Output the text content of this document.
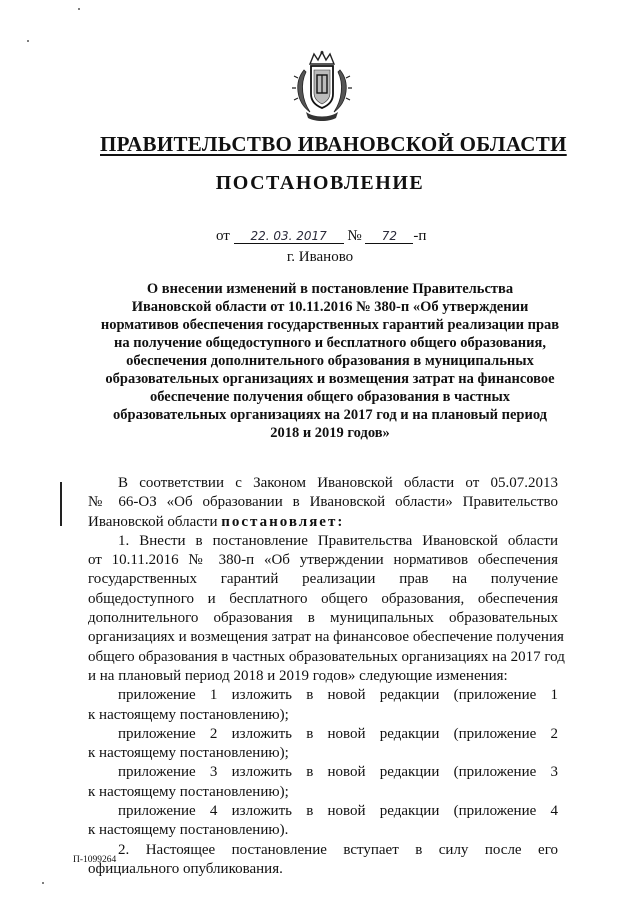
ПРАВИТЕЛЬСТВО ИВАНОВСКОЙ ОБЛАСТИ
ПОСТАНОВЛЕНИЕ
от 22. 03. 2017 № 72 -п
г. Иваново
О внесении изменений в постановление Правительства
Ивановской области от 10.11.2016 № 380-п «Об утверждении
нормативов обеспечения государственных гарантий реализации прав
на получение общедоступного и бесплатного общего образования,
обеспечения дополнительного образования в муниципальных
образовательных организациях и возмещения затрат на финансовое
обеспечение получения общего образования в частных
образовательных организациях на 2017 год и на плановый период
2018 и 2019 годов»
В соответствии с Законом Ивановской области от 05.07.2013
№ 66-ОЗ «Об образовании в Ивановской области» Правительство
Ивановской области постановляет:
1. Внести в постановление Правительства Ивановской области
от 10.11.2016 № 380-п «Об утверждении нормативов обеспечения
государственных гарантий реализации прав на получение
общедоступного и бесплатного общего образования, обеспечения
дополнительного образования в муниципальных образовательных
организациях и возмещения затрат на финансовое обеспечение получения
общего образования в частных образовательных организациях на 2017 год
и на плановый период 2018 и 2019 годов» следующие изменения:
приложение 1 изложить в новой редакции (приложение 1
к настоящему постановлению);
приложение 2 изложить в новой редакции (приложение 2
к настоящему постановлению);
приложение 3 изложить в новой редакции (приложение 3
к настоящему постановлению);
приложение 4 изложить в новой редакции (приложение 4
к настоящему постановлению).
2. Настоящее постановление вступает в силу после его
официального опубликования.
П-1099264
